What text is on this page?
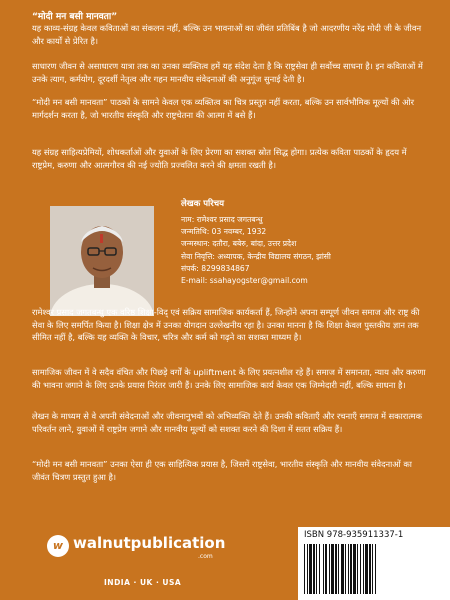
“मोदी मन बसी मानवता”

यह काव्य-संग्रह केवल कविताओं का संकलन नहीं, बल्कि उन भावनाओं का जीवंत प्रतिबिंब है जो आदरणीय नरेंद्र मोदी जी के जीवन और कार्यों से प्रेरित है।

साधारण जीवन से असाधारण यात्रा तक का उनका व्यक्तित्व हमें यह संदेश देता है कि राष्ट्रसेवा ही सर्वोच्च साधना है। इन कविताओं में उनके त्याग, कर्मयोग, दूरदर्शी नेतृत्व और गहन मानवीय संवेदनाओं की अनुगूंज सुनाई देती है।

“मोदी मन बसी मानवता” पाठकों के सामने केवल एक व्यक्तित्व का चित्र प्रस्तुत नहीं करता, बल्कि उन सार्वभौमिक मूल्यों की ओर मार्गदर्शन करता है, जो भारतीय संस्कृति और राष्ट्रचेतना की आत्मा में बसे हैं।

यह संग्रह साहित्यप्रेमियों, शोधकर्ताओं और युवाओं के लिए प्रेरणा का सशक्त स्रोत सिद्ध होगा। प्रत्येक कविता पाठकों के हृदय में राष्ट्रप्रेम, करुणा और आत्मगौरव की नई ज्योति प्रज्वलित करने की क्षमता रखती है।

लेखक परिचय
नाम: रामेश्वर प्रसाद जगतबन्धु
जन्मतिथि: 03 नवम्बर, 1932
जन्मस्थान: दतौरा, बबेरु, बांदा, उत्तर प्रदेश
सेवा निवृत्ति: अध्यापक, केन्द्रीय विद्यालय संगठन, झांसी
संपर्क: 8299834867
E-mail: ssahayogster@gmail.com

रामेश्वर प्रसाद जगतबन्धु एक वरिष्ठ शिक्षा-विद् एवं सक्रिय सामाजिक कार्यकर्ता हैं, जिन्होंने अपना सम्पूर्ण जीवन समाज और राष्ट्र की सेवा के लिए समर्पित किया है। शिक्षा क्षेत्र में उनका योगदान उल्लेखनीय रहा है। उनका मानना है कि शिक्षा केवल पुस्तकीय ज्ञान तक सीमित नहीं है, बल्कि यह व्यक्ति के विचार, चरित्र और कर्म को गढ़ने का सशक्त माध्यम है।

सामाजिक जीवन में वे सदैव वंचित और पिछड़े वर्गों के upliftment के लिए प्रयत्नशील रहे हैं। समाज में समानता, न्याय और करुणा की भावना जगाने के लिए उनके प्रयास निरंतर जारी हैं। उनके लिए सामाजिक कार्य केवल एक जिम्मेदारी नहीं, बल्कि साधना है।

लेखन के माध्यम से वे अपनी संवेदनाओं और जीवनानुभवों को अभिव्यक्ति देते हैं। उनकी कविताएँ और रचनाएँ समाज में सकारात्मक परिवर्तन लाने, युवाओं में राष्ट्रप्रेम जगाने और मानवीय मूल्यों को सशक्त करने की दिशा में सतत सक्रिय हैं।

“मोदी मन बसी मानवता” उनका ऐसा ही एक साहित्यिक प्रयास है, जिसमें राष्ट्रसेवा, भारतीय संस्कृति और मानवीय संवेदनाओं का जीवंत चित्रण प्रस्तुत हुआ है।

w walnutpublication
.com
INDIA · UK · USA
ISBN 978-935911337-1
